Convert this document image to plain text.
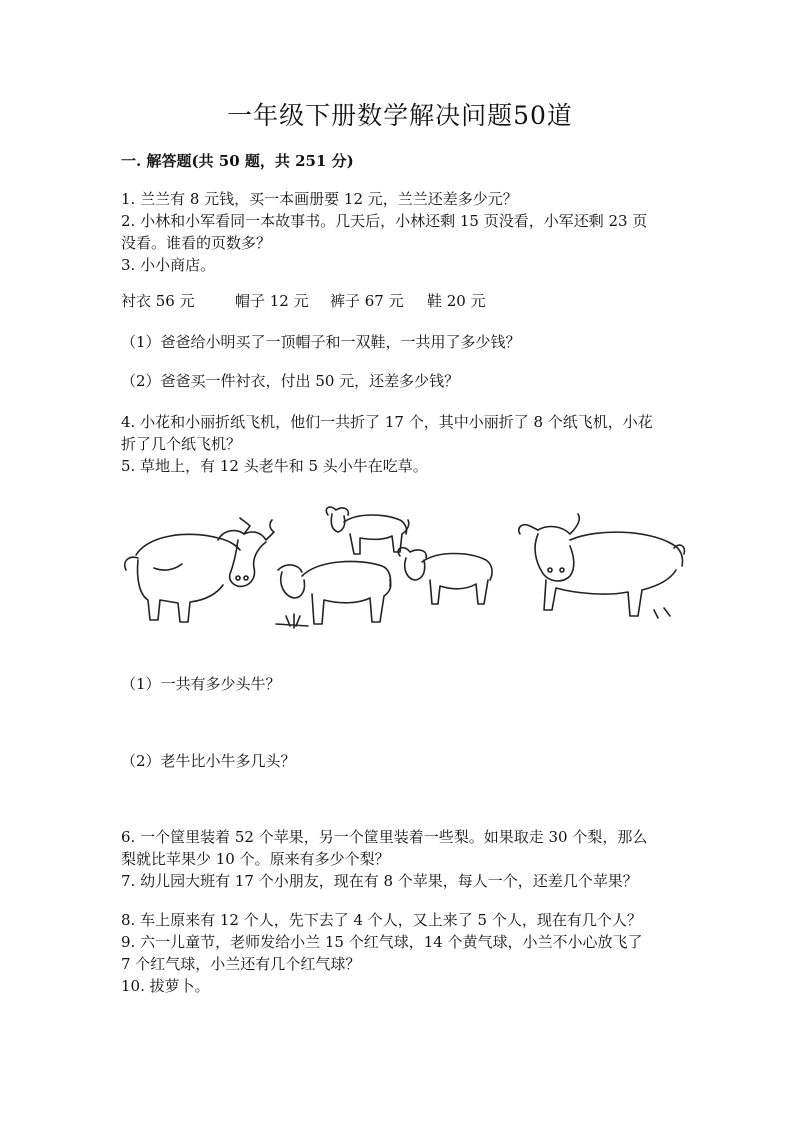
一年级下册数学解决问题50道
一. 解答题(共 50 题，共 251 分)
1. 兰兰有 8 元钱，买一本画册要 12 元，兰兰还差多少元？
2. 小林和小军看同一本故事书。几天后，小林还剩 15 页没看，小军还剩 23 页
没看。谁看的页数多？
3. 小小商店。
衬衣 56 元	帽子 12 元 裤子 67 元 鞋 20 元
（1）爸爸给小明买了一顶帽子和一双鞋，一共用了多少钱？
（2）爸爸买一件衬衣，付出 50 元，还差多少钱？
4. 小花和小丽折纸飞机，他们一共折了 17 个，其中小丽折了 8 个纸飞机，小花
折了几个纸飞机？
5. 草地上，有 12 头老牛和 5 头小牛在吃草。
（1）一共有多少头牛？
（2）老牛比小牛多几头？
6. 一个筐里装着 52 个苹果，另一个筐里装着一些梨。如果取走 30 个梨，那么
梨就比苹果少 10 个。原来有多少个梨？
7. 幼儿园大班有 17 个小朋友，现在有 8 个苹果，每人一个，还差几个苹果？
8. 车上原来有 12 个人，先下去了 4 个人，又上来了 5 个人，现在有几个人？
9. 六一儿童节，老师发给小兰 15 个红气球，14 个黄气球，小兰不小心放飞了
7 个红气球，小兰还有几个红气球？
10. 拔萝卜。
